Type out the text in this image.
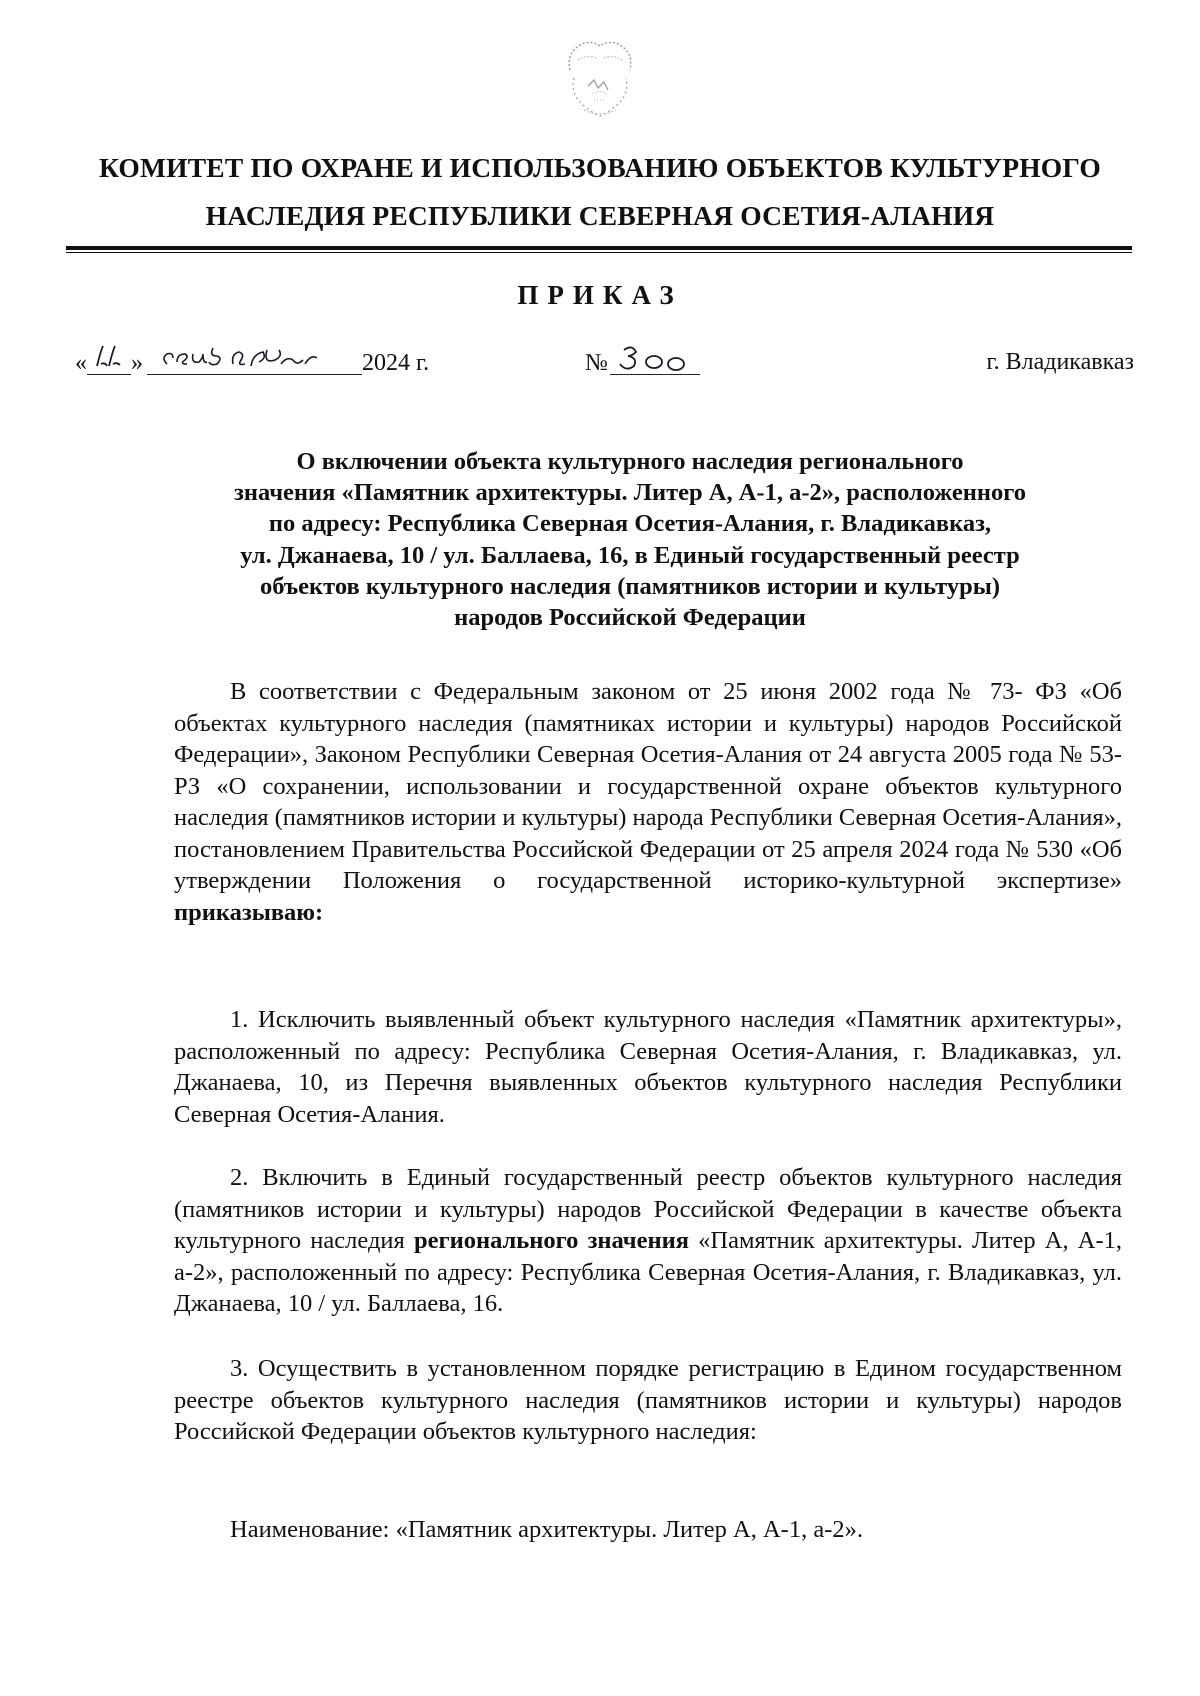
КОМИТЕТ ПО ОХРАНЕ И ИСПОЛЬЗОВАНИЮ ОБЪЕКТОВ КУЛЬТУРНОГО
НАСЛЕДИЯ РЕСПУБЛИКИ СЕВЕРНАЯ ОСЕТИЯ-АЛАНИЯ
ПРИКАЗ
« »	2024 г.	№	г. Владикавказ
О включении объекта культурного наследия регионального
значения «Памятник архитектуры. Литер А, А-1, а-2», расположенного
по адресу: Республика Северная Осетия-Алания, г. Владикавказ,
ул. Джанаева, 10 / ул. Баллаева, 16, в Единый государственный реестр
объектов культурного наследия (памятников истории и культуры)
народов Российской Федерации
В соответствии с Федеральным законом от 25 июня 2002 года № 73- ФЗ «Об объектах культурного наследия (памятниках истории и культуры) народов Российской Федерации», Законом Республики Северная Осетия-Алания от 24 августа 2005 года № 53-РЗ «О сохранении, использовании и государственной охране объектов культурного наследия (памятников истории и культуры) народа Республики Северная Осетия-Алания», постановлением Правительства Российской Федерации от 25 апреля 2024 года № 530 «Об утверждении Положения о государственной историко-культурной экспертизе» приказываю:
1. Исключить выявленный объект культурного наследия «Памятник архитектуры», расположенный по адресу: Республика Северная Осетия-Алания, г. Владикавказ, ул. Джанаева, 10, из Перечня выявленных объектов культурного наследия Республики Северная Осетия-Алания.
2. Включить в Единый государственный реестр объектов культурного наследия (памятников истории и культуры) народов Российской Федерации в качестве объекта культурного наследия регионального значения «Памятник архитектуры. Литер А, А-1, а-2», расположенный по адресу: Республика Северная Осетия-Алания, г. Владикавказ, ул. Джанаева, 10 / ул. Баллаева, 16.
3. Осуществить в установленном порядке регистрацию в Едином государственном реестре объектов культурного наследия (памятников истории и культуры) народов Российской Федерации объектов культурного наследия:
Наименование: «Памятник архитектуры. Литер А, А-1, а-2».
